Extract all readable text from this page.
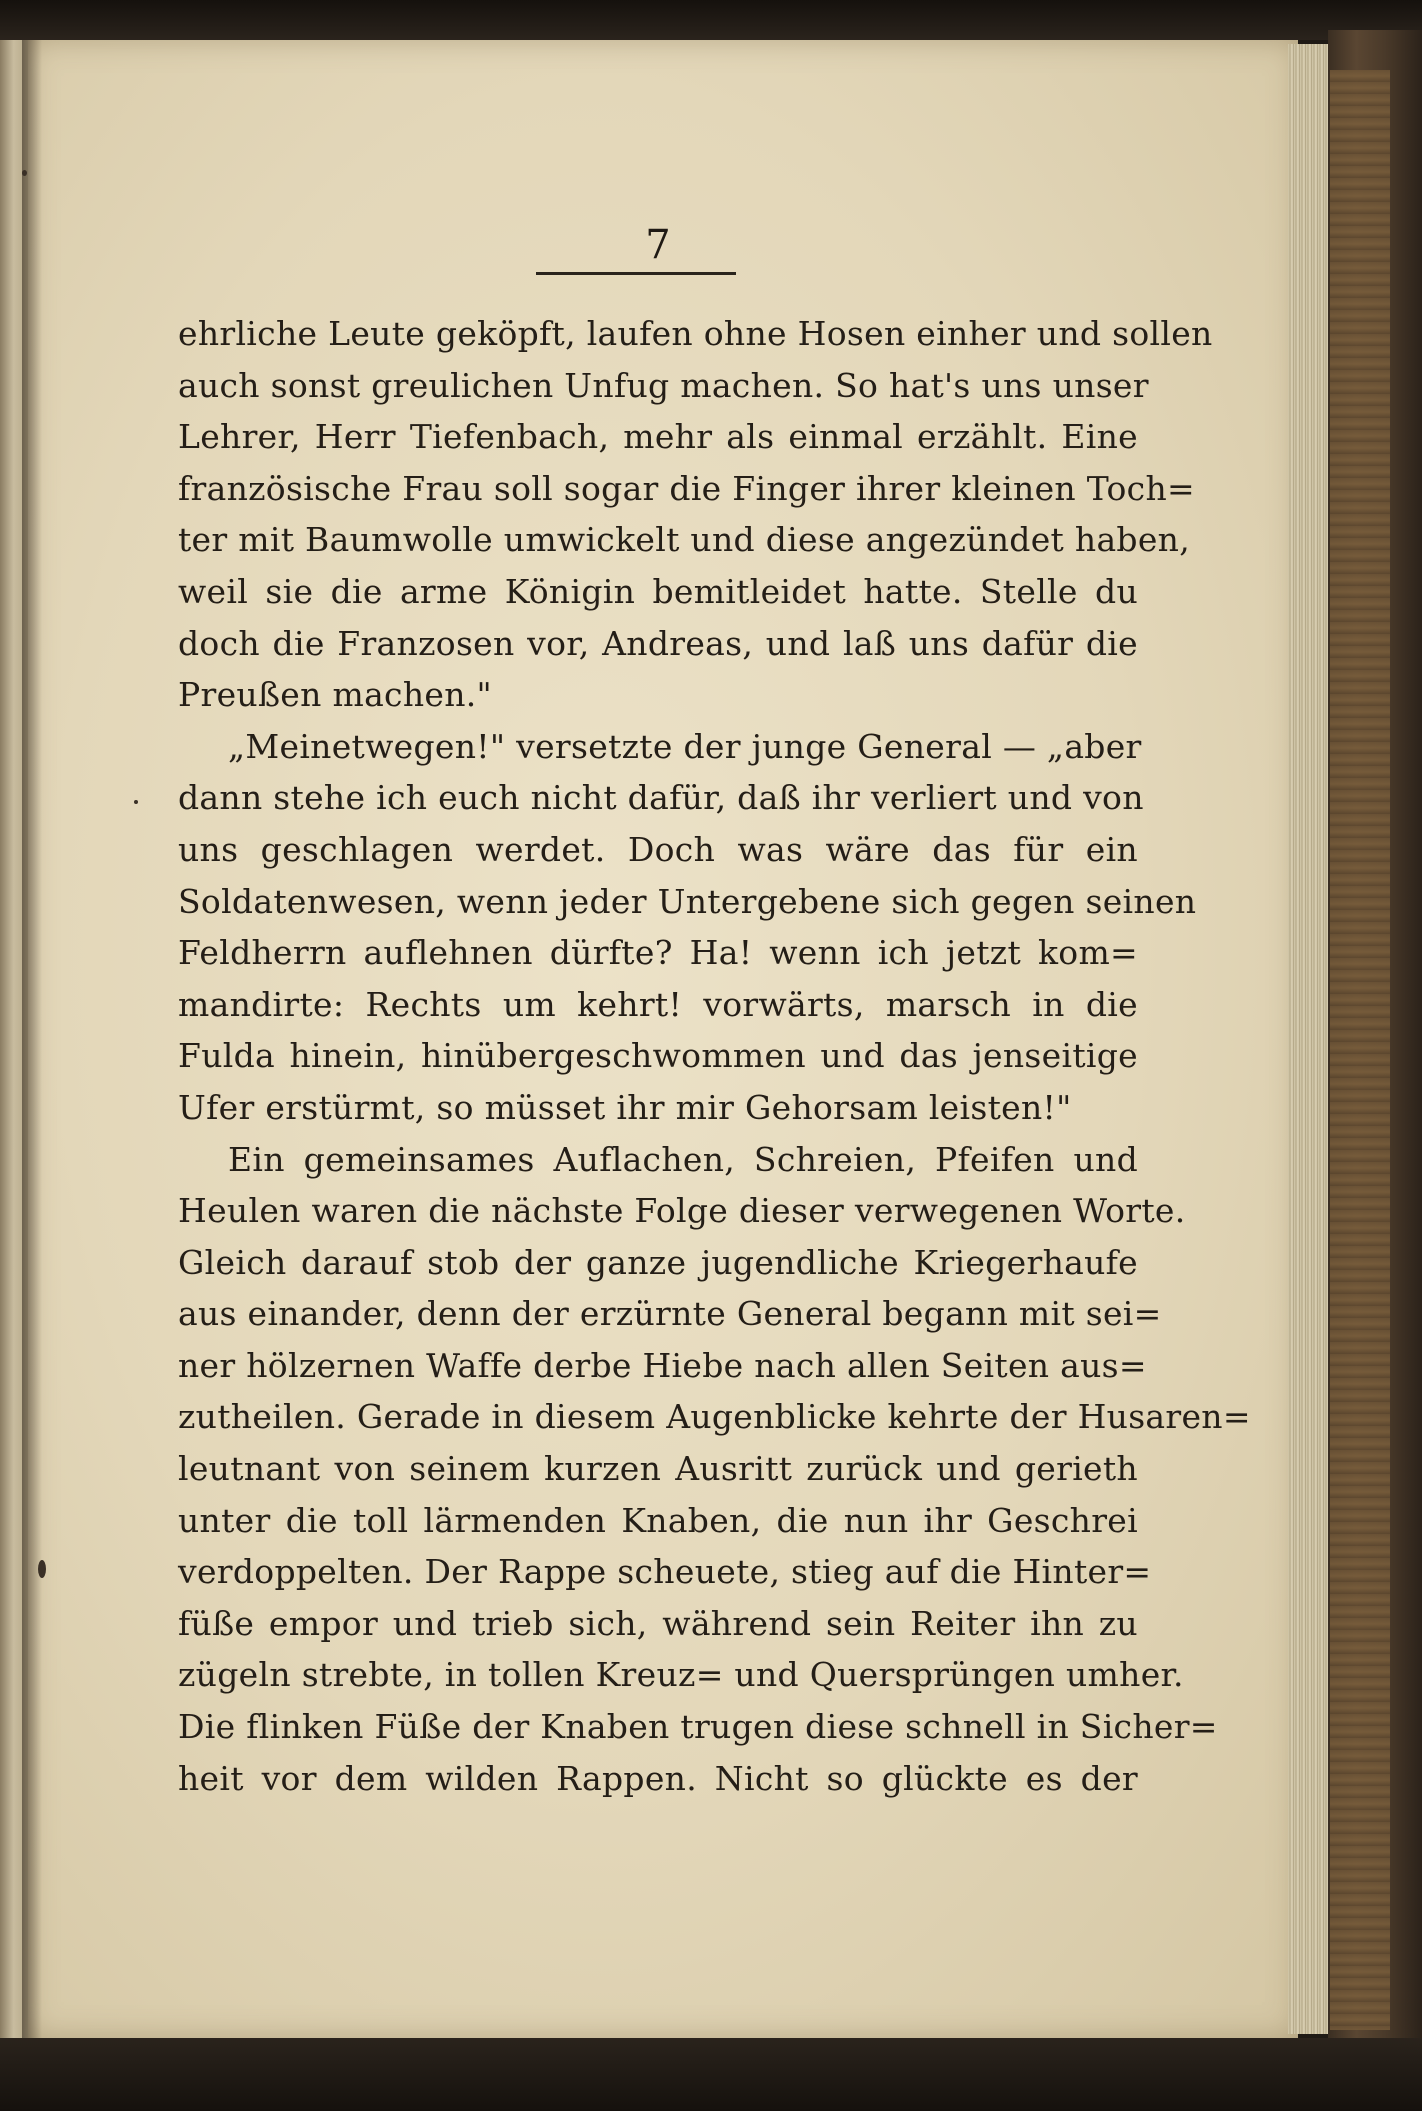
7
ehrliche Leute geköpft, laufen ohne Hosen einher und sollen
auch sonst greulichen Unfug machen. So hat's uns unser
Lehrer, Herr Tiefenbach, mehr als einmal erzählt. Eine
französische Frau soll sogar die Finger ihrer kleinen Toch=
ter mit Baumwolle umwickelt und diese angezündet haben,
weil sie die arme Königin bemitleidet hatte. Stelle du
doch die Franzosen vor, Andreas, und laß uns dafür die
Preußen machen."
„Meinetwegen!" versetzte der junge General — „aber
dann stehe ich euch nicht dafür, daß ihr verliert und von
uns geschlagen werdet. Doch was wäre das für ein
Soldatenwesen, wenn jeder Untergebene sich gegen seinen
Feldherrn auflehnen dürfte? Ha! wenn ich jetzt kom=
mandirte: Rechts um kehrt! vorwärts, marsch in die
Fulda hinein, hinübergeschwommen und das jenseitige
Ufer erstürmt, so müsset ihr mir Gehorsam leisten!"
Ein gemeinsames Auflachen, Schreien, Pfeifen und
Heulen waren die nächste Folge dieser verwegenen Worte.
Gleich darauf stob der ganze jugendliche Kriegerhaufe
aus einander, denn der erzürnte General begann mit sei=
ner hölzernen Waffe derbe Hiebe nach allen Seiten aus=
zutheilen. Gerade in diesem Augenblicke kehrte der Husaren=
leutnant von seinem kurzen Ausritt zurück und gerieth
unter die toll lärmenden Knaben, die nun ihr Geschrei
verdoppelten. Der Rappe scheuete, stieg auf die Hinter=
füße empor und trieb sich, während sein Reiter ihn zu
zügeln strebte, in tollen Kreuz= und Quersprüngen umher.
Die flinken Füße der Knaben trugen diese schnell in Sicher=
heit vor dem wilden Rappen. Nicht so glückte es der
